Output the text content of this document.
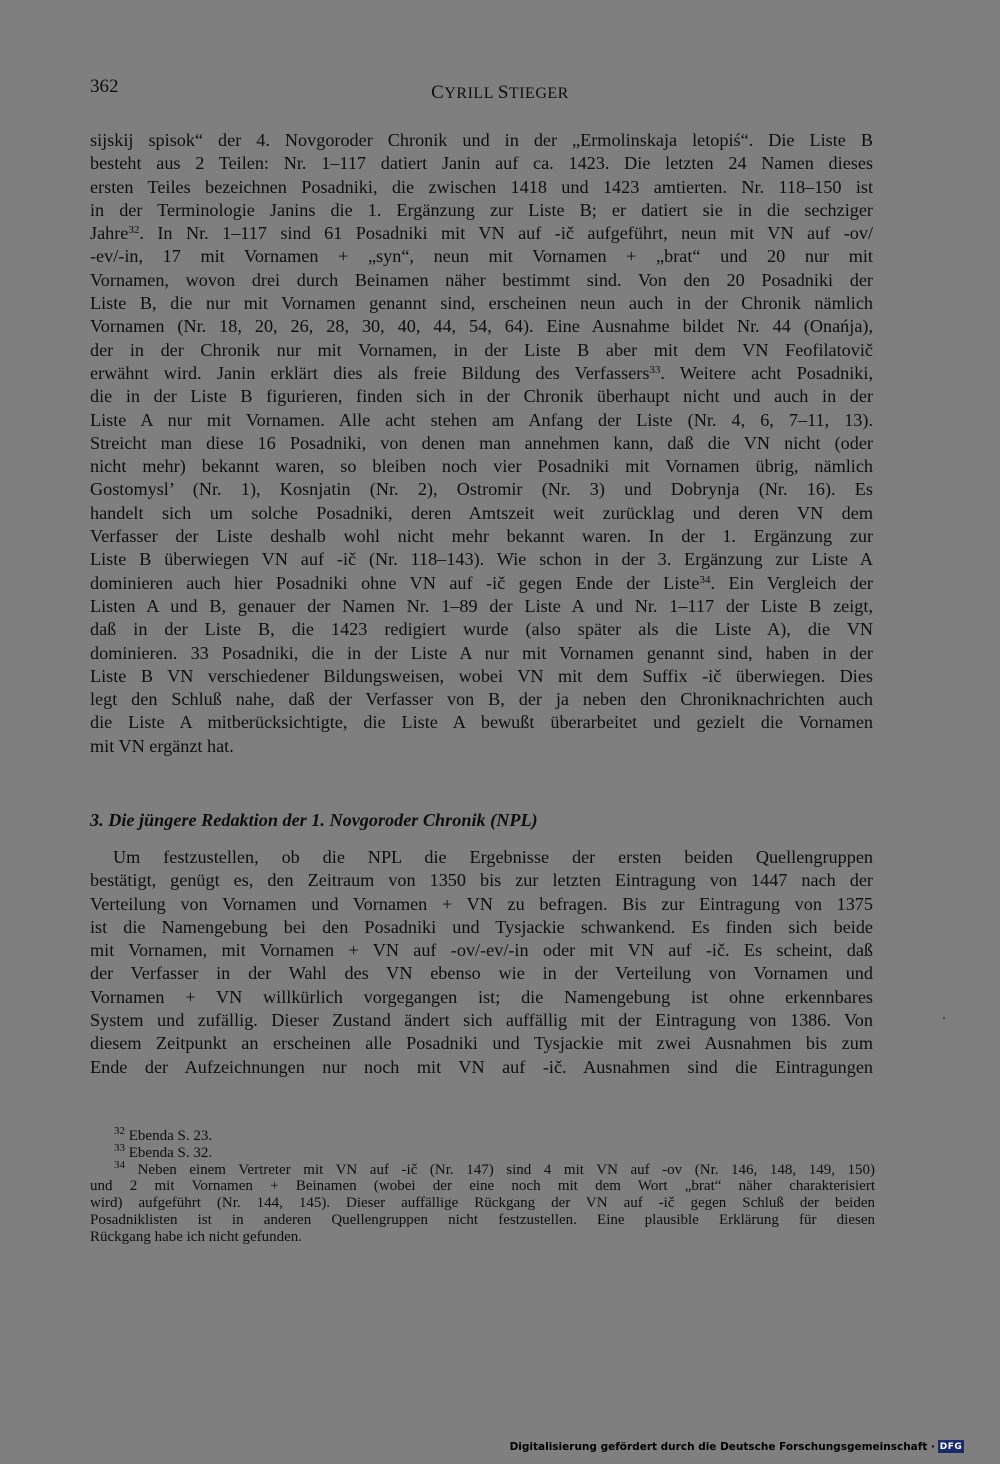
362	CYRILL STIEGER

sijskij spisok“ der 4. Novgoroder Chronik und in der „Ermolinskaja letopiś“. Die Liste B
besteht aus 2 Teilen: Nr. 1–117 datiert Janin auf ca. 1423. Die letzten 24 Namen dieses
ersten Teiles bezeichnen Posadniki, die zwischen 1418 und 1423 amtierten. Nr. 118–150 ist
in der Terminologie Janins die 1. Ergänzung zur Liste B; er datiert sie in die sechziger
Jahre$^{32}$. In Nr. 1–117 sind 61 Posadniki mit VN auf -ič aufgeführt, neun mit VN auf -ov/
-ev/-in, 17 mit Vornamen + „syn“, neun mit Vornamen + „brat“ und 20 nur mit
Vornamen, wovon drei durch Beinamen näher bestimmt sind. Von den 20 Posadniki der
Liste B, die nur mit Vornamen genannt sind, erscheinen neun auch in der Chronik nämlich
Vornamen (Nr. 18, 20, 26, 28, 30, 40, 44, 54, 64). Eine Ausnahme bildet Nr. 44 (Onańja),
der in der Chronik nur mit Vornamen, in der Liste B aber mit dem VN Feofilatovič
erwähnt wird. Janin erklärt dies als freie Bildung des Verfassers$^{33}$. Weitere acht Posadniki,
die in der Liste B figurieren, finden sich in der Chronik überhaupt nicht und auch in der
Liste A nur mit Vornamen. Alle acht stehen am Anfang der Liste (Nr. 4, 6, 7–11, 13).
Streicht man diese 16 Posadniki, von denen man annehmen kann, daß die VN nicht (oder
nicht mehr) bekannt waren, so bleiben noch vier Posadniki mit Vornamen übrig, nämlich
Gostomysl’ (Nr. 1), Kosnjatin (Nr. 2), Ostromir (Nr. 3) und Dobrynja (Nr. 16). Es
handelt sich um solche Posadniki, deren Amtszeit weit zurücklag und deren VN dem
Verfasser der Liste deshalb wohl nicht mehr bekannt waren. In der 1. Ergänzung zur
Liste B überwiegen VN auf -ič (Nr. 118–143). Wie schon in der 3. Ergänzung zur Liste A
dominieren auch hier Posadniki ohne VN auf -ič gegen Ende der Liste$^{34}$. Ein Vergleich der
Listen A und B, genauer der Namen Nr. 1–89 der Liste A und Nr. 1–117 der Liste B zeigt,
daß in der Liste B, die 1423 redigiert wurde (also später als die Liste A), die VN
dominieren. 33 Posadniki, die in der Liste A nur mit Vornamen genannt sind, haben in der
Liste B VN verschiedener Bildungsweisen, wobei VN mit dem Suffix -ič überwiegen. Dies
legt den Schluß nahe, daß der Verfasser von B, der ja neben den Chroniknachrichten auch
die Liste A mitberücksichtigte, die Liste A bewußt überarbeitet und gezielt die Vornamen
mit VN ergänzt hat.

3. Die jüngere Redaktion der 1. Novgoroder Chronik (NPL)

Um festzustellen, ob die NPL die Ergebnisse der ersten beiden Quellengruppen
bestätigt, genügt es, den Zeitraum von 1350 bis zur letzten Eintragung von 1447 nach der
Verteilung von Vornamen und Vornamen + VN zu befragen. Bis zur Eintragung von 1375
ist die Namengebung bei den Posadniki und Tysjackie schwankend. Es finden sich beide
mit Vornamen, mit Vornamen + VN auf -ov/-ev/-in oder mit VN auf -ič. Es scheint, daß
der Verfasser in der Wahl des VN ebenso wie in der Verteilung von Vornamen und
Vornamen + VN willkürlich vorgegangen ist; die Namengebung ist ohne erkennbares
System und zufällig. Dieser Zustand ändert sich auffällig mit der Eintragung von 1386. Von
diesem Zeitpunkt an erscheinen alle Posadniki und Tysjackie mit zwei Ausnahmen bis zum
Ende der Aufzeichnungen nur noch mit VN auf -ič. Ausnahmen sind die Eintragungen

$^{32}$ Ebenda S. 23.

$^{33}$ Ebenda S. 32.

$^{34}$ Neben einem Vertreter mit VN auf -ič (Nr. 147) sind 4 mit VN auf -ov (Nr. 146, 148, 149, 150)
und 2 mit Vornamen + Beinamen (wobei der eine noch mit dem Wort „brat“ näher charakterisiert
wird) aufgeführt (Nr. 144, 145). Dieser auffällige Rückgang der VN auf -ič gegen Schluß der beiden
Posadniklisten ist in anderen Quellengruppen nicht festzustellen. Eine plausible Erklärung für diesen
Rückgang habe ich nicht gefunden.

Digitalisierung gefördert durch die Deutsche Forschungsgemeinschaft · DFG
